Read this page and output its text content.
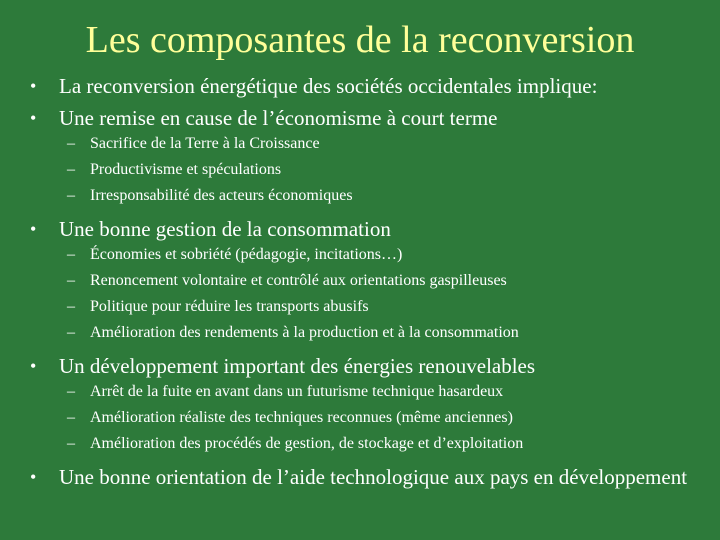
Les composantes de la reconversion
• La reconversion énergétique des sociétés occidentales implique:
• Une remise en cause de l’économisme à court terme
– Sacrifice de la Terre à la Croissance
– Productivisme et spéculations
– Irresponsabilité des acteurs économiques
• Une bonne gestion de la consommation
– Économies et sobriété (pédagogie, incitations…)
– Renoncement volontaire et contrôlé aux orientations gaspilleuses
– Politique pour réduire les transports abusifs
– Amélioration des rendements à la production et à la consommation
• Un développement important des énergies renouvelables
– Arrêt de la fuite en avant dans un futurisme technique hasardeux
– Amélioration réaliste des techniques reconnues (même anciennes)
– Amélioration des procédés de gestion, de stockage et d’exploitation
• Une bonne orientation de l’aide technologique aux pays en développement
